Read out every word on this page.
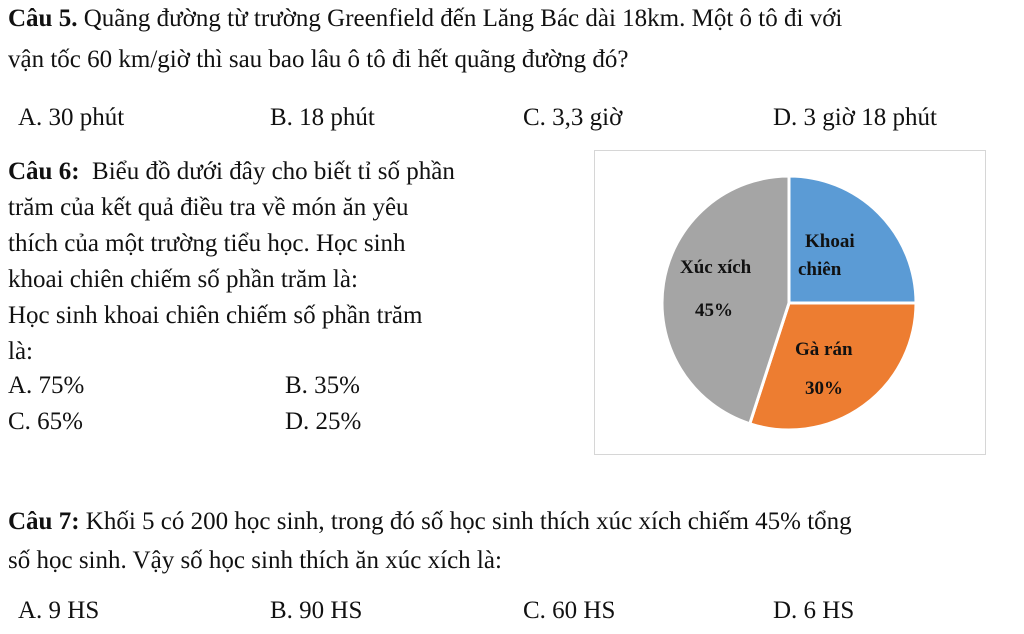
Câu 5. Quãng đường từ trường Greenfield đến Lăng Bác dài 18km. Một ô tô đi với
vận tốc 60 km/giờ thì sau bao lâu ô tô đi hết quãng đường đó?
A. 30 phút	B. 18 phút	C. 3,3 giờ	D. 3 giờ 18 phút
Câu 6: Biểu đồ dưới đây cho biết tỉ số phần
trăm của kết quả điều tra về món ăn yêu
thích của một trường tiểu học. Học sinh
khoai chiên chiếm số phần trăm là:
Học sinh khoai chiên chiếm số phần trăm
là:
A. 75%	B. 35%
C. 65%	D. 25%
Khoai
chiên
Gà rán
30%
Xúc xích
45%
Câu 7: Khối 5 có 200 học sinh, trong đó số học sinh thích xúc xích chiếm 45% tổng
số học sinh. Vậy số học sinh thích ăn xúc xích là:
A. 9 HS	B. 90 HS	C. 60 HS	D. 6 HS
